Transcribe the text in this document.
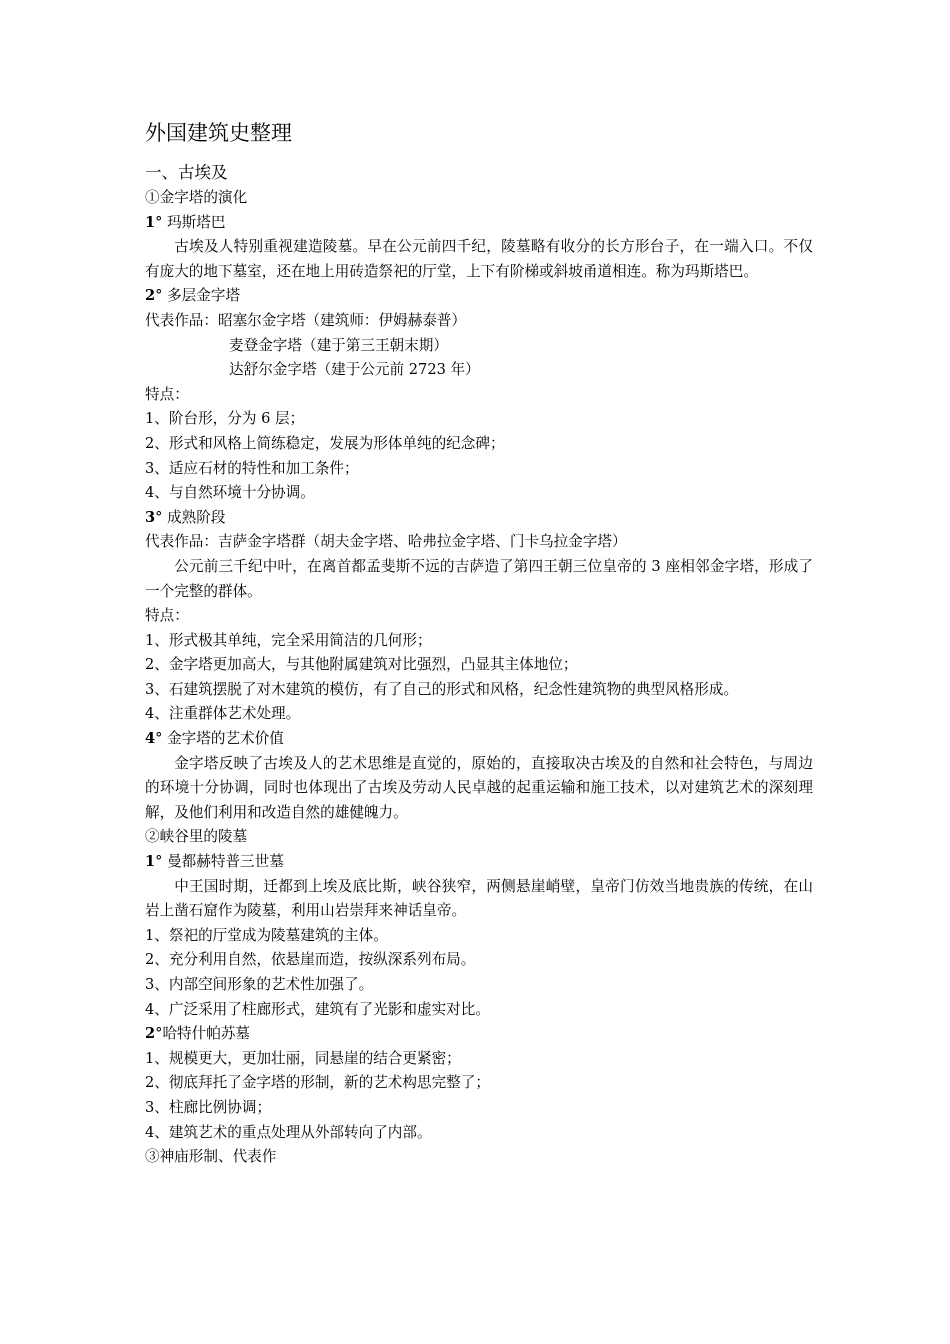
外国建筑史整理
一、古埃及
①金字塔的演化
1° 玛斯塔巴
古埃及人特别重视建造陵墓。早在公元前四千纪，陵墓略有收分的长方形台子，在一端入口。不仅有庞大的地下墓室，还在地上用砖造祭祀的厅堂，上下有阶梯或斜坡甬道相连。称为玛斯塔巴。
2° 多层金字塔
代表作品：昭塞尔金字塔（建筑师：伊姆赫泰普）
麦登金字塔（建于第三王朝末期）
达舒尔金字塔（建于公元前 2723 年）
特点：
1、阶台形，分为 6 层；
2、形式和风格上简练稳定，发展为形体单纯的纪念碑；
3、适应石材的特性和加工条件；
4、与自然环境十分协调。
3° 成熟阶段
代表作品：吉萨金字塔群（胡夫金字塔、哈弗拉金字塔、门卡乌拉金字塔）
公元前三千纪中叶，在离首都孟斐斯不远的吉萨造了第四王朝三位皇帝的 3 座相邻金字塔，形成了一个完整的群体。
特点：
1、形式极其单纯，完全采用简洁的几何形；
2、金字塔更加高大，与其他附属建筑对比强烈，凸显其主体地位；
3、石建筑摆脱了对木建筑的模仿，有了自己的形式和风格，纪念性建筑物的典型风格形成。
4、注重群体艺术处理。
4° 金字塔的艺术价值
金字塔反映了古埃及人的艺术思维是直觉的，原始的，直接取决古埃及的自然和社会特色，与周边的环境十分协调，同时也体现出了古埃及劳动人民卓越的起重运输和施工技术，以对建筑艺术的深刻理解，及他们利用和改造自然的雄健魄力。
②峡谷里的陵墓
1° 曼都赫特普三世墓
中王国时期，迁都到上埃及底比斯，峡谷狭窄，两侧悬崖峭壁，皇帝门仿效当地贵族的传统，在山岩上凿石窟作为陵墓，利用山岩崇拜来神话皇帝。
1、祭祀的厅堂成为陵墓建筑的主体。
2、充分利用自然，依悬崖而造，按纵深系列布局。
3、内部空间形象的艺术性加强了。
4、广泛采用了柱廊形式，建筑有了光影和虚实对比。
2°哈特什帕苏墓
1、规模更大，更加壮丽，同悬崖的结合更紧密；
2、彻底拜托了金字塔的形制，新的艺术构思完整了；
3、柱廊比例协调；
4、建筑艺术的重点处理从外部转向了内部。
③神庙形制、代表作
